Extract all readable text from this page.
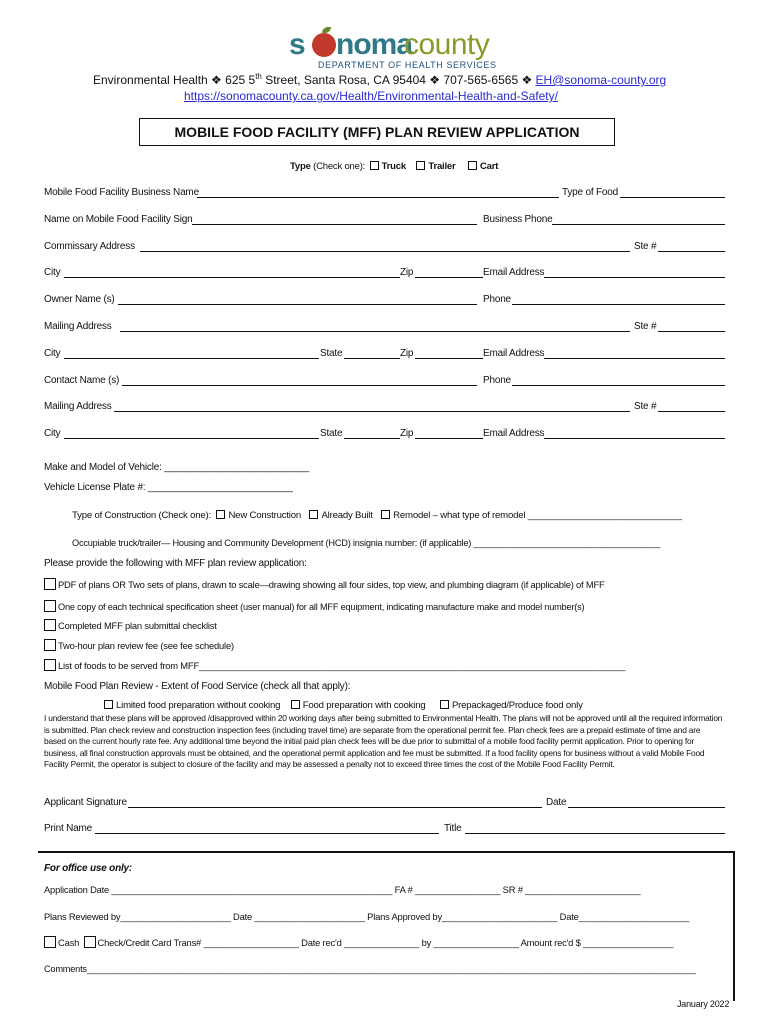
s noma
county
DEPARTMENT OF HEALTH SERVICES
Environmental Health ❖ 625 5th Street, Santa Rosa, CA 95404 ❖ 707-565-6565 ❖ EH@sonoma-county.org
https://sonomacounty.ca.gov/Health/Environmental-Health-and-Safety/
MOBILE FOOD FACILITY (MFF) PLAN REVIEW APPLICATION
Type (Check one): Truck Trailer	Cart
Mobile Food Facility Business Name	Type of Food
Name on Mobile Food Facility Sign	Business Phone
Commissary Address	Ste #
City	Zip	Email Address
Owner Name (s)	Phone
Mailing Address	Ste #
City	State	Zip	Email Address
Contact Name (s)	Phone
Mailing Address	Ste #
City	State	Zip	Email Address
Make and Model of Vehicle: ___________________________
Vehicle License Plate #: ___________________________
Type of Construction (Check one): New Construction Already Built Remodel – what type of remodel ______________________________
Occupiable truck/trailer— Housing and Community Development (HCD) insignia number: (if applicable) ______________________________________
Please provide the following with MFF plan review application:
PDF of plans OR Two sets of plans, drawn to scale—drawing showing all four sides, top view, and plumbing diagram (if applicable) of MFF
One copy of each technical specification sheet (user manual) for all MFF equipment, indicating manufacture make and model number(s)
Completed MFF plan submittal checklist
Two-hour plan review fee (see fee schedule)
List of foods to be served from MFF_____________________________________________________________________________________
Mobile Food Plan Review - Extent of Food Service (check all that apply):
Limited food preparation without cooking Food preparation with cooking	Prepackaged/Produce food only
I understand that these plans will be approved /disapproved within 20 working days after being submitted to Environmental Health. The plans will not be approved until all the required information is submitted. Plan check review and construction inspection fees (including travel time) are separate from the operational permit fee. Plan check fees are a prepaid estimate of time and are based on the current hourly rate fee. Any additional time beyond the initial paid plan check fees will be due prior to submittal of a mobile food facility permit application. Prior to opening for business, all final construction approvals must be obtained, and the operational permit application and fee must be submitted. If a food facility opens for business without a valid Mobile Food Facility Permit, the operator is subject to closure of the facility and may be assessed a penalty not to exceed three times the cost of the Mobile Food Facility Permit.
Applicant Signature	Date
Print Name	Title
For office use only:
Application Date ________________________________________________________ FA # _________________ SR # _______________________
Plans Reviewed by______________________ Date ______________________ Plans Approved by_______________________ Date______________________
Cash Check/Credit Card Trans# ___________________ Date rec'd _______________ by _________________ Amount rec'd $ __________________
Comments____________________________________________________________________________________________________________________________
January 2022
